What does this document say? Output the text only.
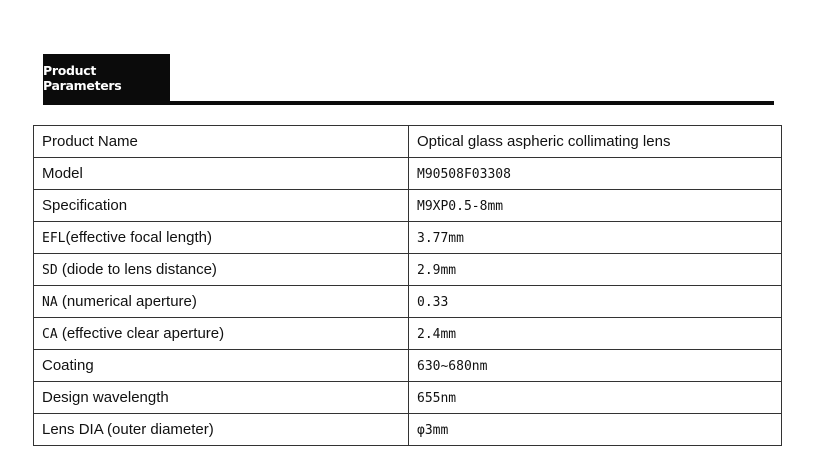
Product Parameters
Product Name	Optical glass aspheric collimating lens
Model	M90508F03308
Specification	M9XP0.5-8mm
EFL(effective focal length)	3.77mm
SD (diode to lens distance)	2.9mm
NA (numerical aperture)	0.33
CA (effective clear aperture)	2.4mm
Coating	630~680nm
Design wavelength	655nm
Lens DIA (outer diameter)	φ3mm
